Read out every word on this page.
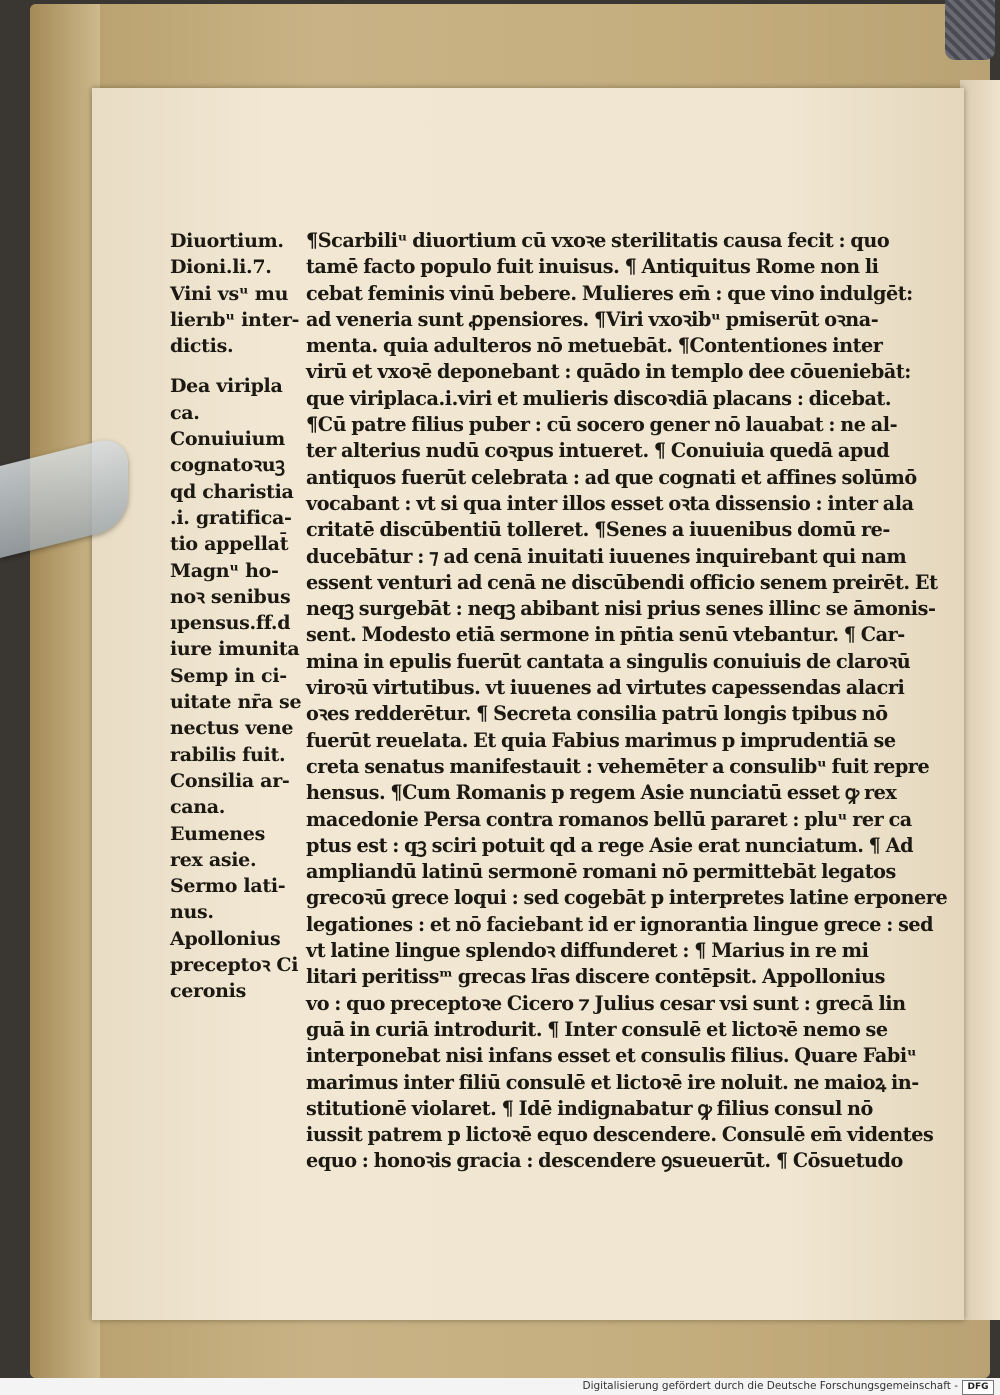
Diuortium.
Dioni.li.7.
Vini vsᵘ mu
lierıbᵘ inter-
dictis.
Dea viripla
ca.
Conuiuium
cognatoꝛuꝫ
qd charistia
.i. gratifica-
tio appellat̄
Magnᵘ ho-
noꝛ senibus
ıpensus.ff.d
iure imunita
Semp in ci-
uitate nr̄a se
nectus vene
rabilis fuit.
Consilia ar-
cana.
Eumenes
rex asie.
Sermo lati-
nus.
Apollonius
preceptoꝛ Ci
ceronis
¶Scarbiliᵘ diuortium cū vxoꝛe sterilitatis causa fecit : quo
tamē facto populo fuit inuisus. ¶ Antiquitus Rome non li
cebat feminis vinū bebere. Mulieres em̄ : que vino indulgēt:
ad veneria sunt ꝓpensiores. ¶Viri vxoꝛibᵘ pmiserūt oꝛna-
menta. quia adulteros nō metuebāt. ¶Contentiones inter
virū et vxoꝛē deponebant : quādo in templo dee cōueniebāt:
que viriplaca.i.viri et mulieris discoꝛdiā placans : dicebat.
¶Cū patre filius puber : cū socero gener nō lauabat : ne al-
ter alterius nudū coꝛpus intueret. ¶ Conuiuia quedā apud
antiquos fuerūt celebrata : ad que cognati et affines solūmō
vocabant : vt si qua inter illos esset oꝛta dissensio : inter ala
critatē discūbentiū tolleret. ¶Senes a iuuenibus domū re-
ducebātur : ⁊ ad cenā inuitati iuuenes inquirebant qui nam
essent venturi ad cenā ne discūbendi officio senem preirēt. Et
neqꝫ surgebāt : neqꝫ abibant nisi prius senes illinc se āmonis-
sent. Modesto etiā sermone in pn̄tia senū vtebantur. ¶ Car-
mina in epulis fuerūt cantata a singulis conuiuis de claroꝛū
viroꝛū virtutibus. vt iuuenes ad virtutes capessendas alacri
oꝛes redderētur. ¶ Secreta consilia patrū longis tpibus nō
fuerūt reuelata. Et quia Fabius marimus p imprudentiā se
creta senatus manifestauit : vehemēter a consulibᵘ fuit repre
hensus. ¶Cum Romanis p regem Asie nunciatū esset ꝙ rex
macedonie Persa contra romanos bellū pararet : pluᵘ rer ca
ptus est : qꝫ sciri potuit qd a rege Asie erat nunciatum. ¶ Ad
ampliandū latinū sermonē romani nō permittebāt legatos
grecoꝛū grece loqui : sed cogebāt p interpretes latine erponere
legationes : et nō faciebant id er ignorantia lingue grece : sed
vt latine lingue splendoꝛ diffunderet : ¶ Marius in re mi
litari peritissᵐ grecas lr̄as discere contēpsit. Appollonius
vo : quo preceptoꝛe Cicero ⁊ Julius cesar vsi sunt : grecā lin
guā in curiā introdurit. ¶ Inter consulē et lictoꝛē nemo se
interponebat nisi infans esset et consulis filius. Quare Fabiᵘ
marimus inter filiū consulē et lictoꝛē ire noluit. ne maioꝝ in-
stitutionē violaret. ¶ Idē indignabatur ꝙ filius consul nō
iussit patrem p lictoꝛē equo descendere. Consulē em̄ videntes
equo : honoꝛis gracia : descendere ꝯsueuerūt. ¶ Cōsuetudo
Digitalisierung gefördert durch die Deutsche Forschungsgemeinschaft -	DFG
